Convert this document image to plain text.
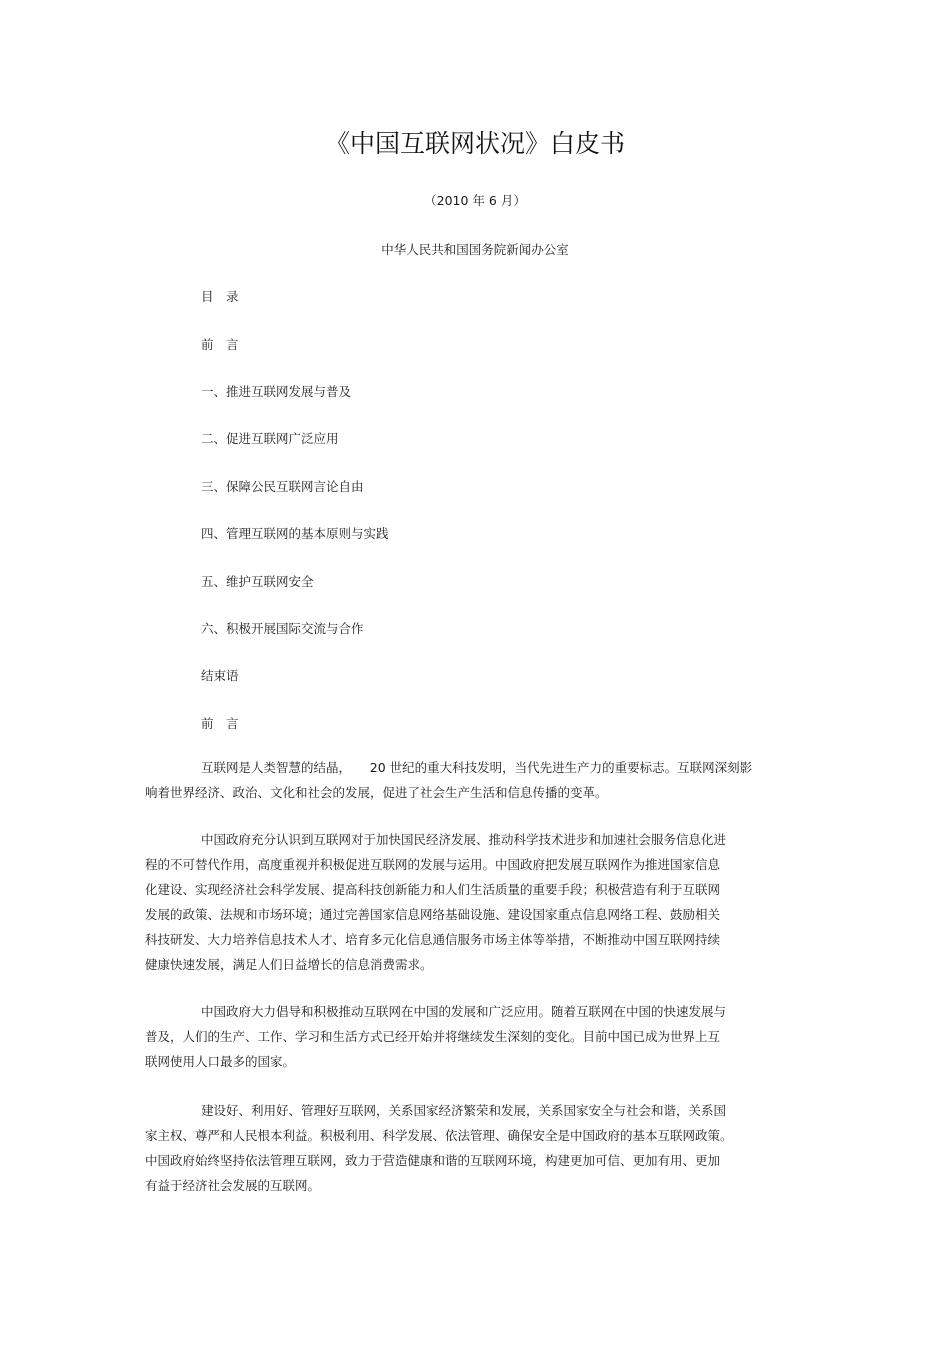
《中国互联网状况》白皮书

（2010 年 6 月）

中华人民共和国国务院新闻办公室

目　录

前　言

一、推进互联网发展与普及

二、促进互联网广泛应用

三、保障公民互联网言论自由

四、管理互联网的基本原则与实践

五、维护互联网安全

六、积极开展国际交流与合作

结束语

前　言

互联网是人类智慧的结晶，　　20 世纪的重大科技发明，当代先进生产力的重要标志。互联网深刻影
响着世界经济、政治、文化和社会的发展，促进了社会生产生活和信息传播的变革。
中国政府充分认识到互联网对于加快国民经济发展、推动科学技术进步和加速社会服务信息化进
程的不可替代作用，高度重视并积极促进互联网的发展与运用。中国政府把发展互联网作为推进国家信息
化建设、实现经济社会科学发展、提高科技创新能力和人们生活质量的重要手段；积极营造有利于互联网
发展的政策、法规和市场环境；通过完善国家信息网络基础设施、建设国家重点信息网络工程、鼓励相关
科技研发、大力培养信息技术人才、培育多元化信息通信服务市场主体等举措，不断推动中国互联网持续
健康快速发展，满足人们日益增长的信息消费需求。
中国政府大力倡导和积极推动互联网在中国的发展和广泛应用。随着互联网在中国的快速发展与
普及，人们的生产、工作、学习和生活方式已经开始并将继续发生深刻的变化。目前中国已成为世界上互
联网使用人口最多的国家。
建设好、利用好、管理好互联网，关系国家经济繁荣和发展，关系国家安全与社会和谐，关系国
家主权、尊严和人民根本利益。积极利用、科学发展、依法管理、确保安全是中国政府的基本互联网政策。
中国政府始终坚持依法管理互联网，致力于营造健康和谐的互联网环境，构建更加可信、更加有用、更加
有益于经济社会发展的互联网。
